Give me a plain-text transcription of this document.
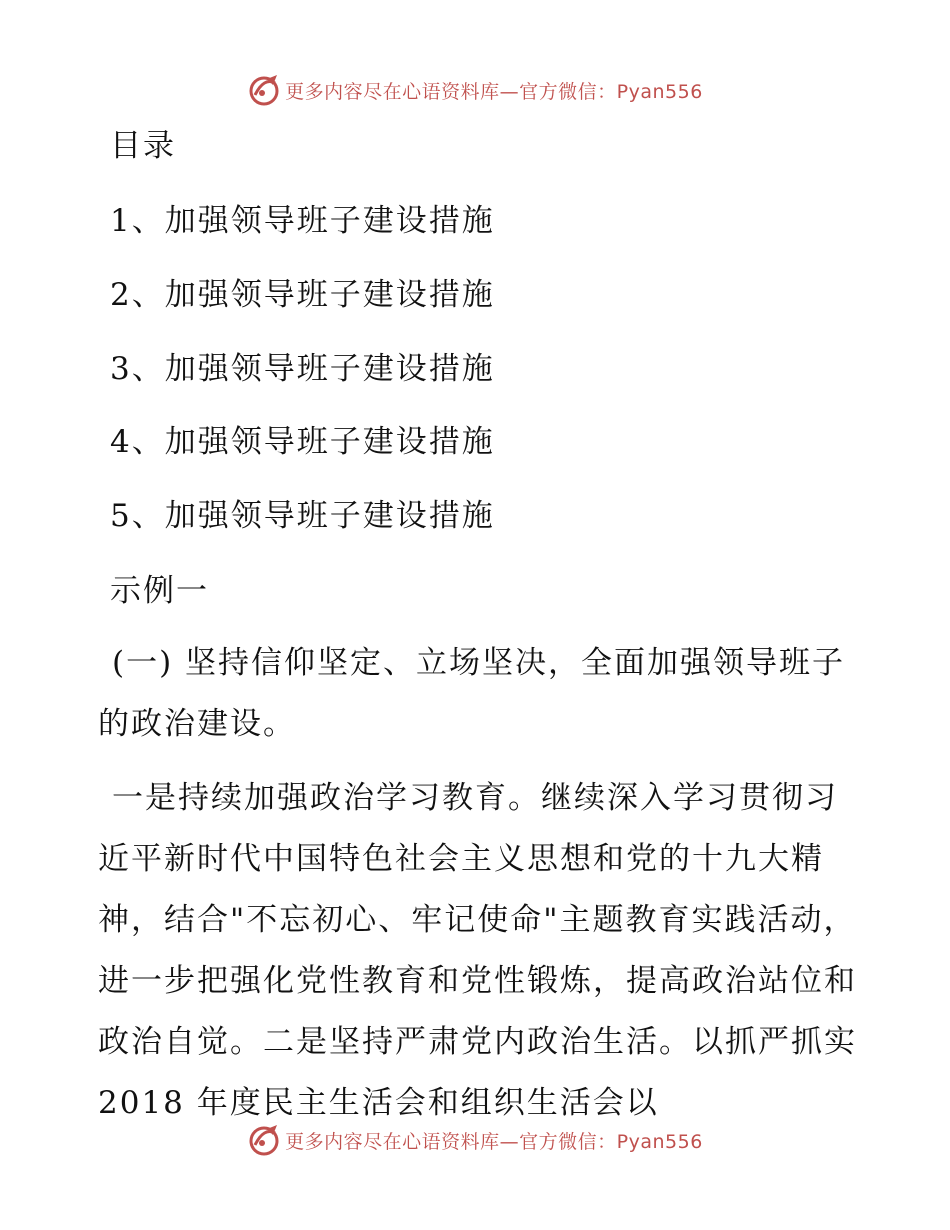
更多内容尽在心语资料库—官方微信：Pyan556
目录
1、加强领导班子建设措施
2、加强领导班子建设措施
3、加强领导班子建设措施
4、加强领导班子建设措施
5、加强领导班子建设措施
示例一
(一) 坚持信仰坚定、立场坚决，全面加强领导班子的政治建设。
一是持续加强政治学习教育。继续深入学习贯彻习近平新时代中国特色社会主义思想和党的十九大精神，结合"不忘初心、牢记使命"主题教育实践活动，进一步把强化党性教育和党性锻炼，提高政治站位和政治自觉。二是坚持严肃党内政治生活。以抓严抓实 2018 年度民主生活会和组织生活会以
更多内容尽在心语资料库—官方微信：Pyan556
